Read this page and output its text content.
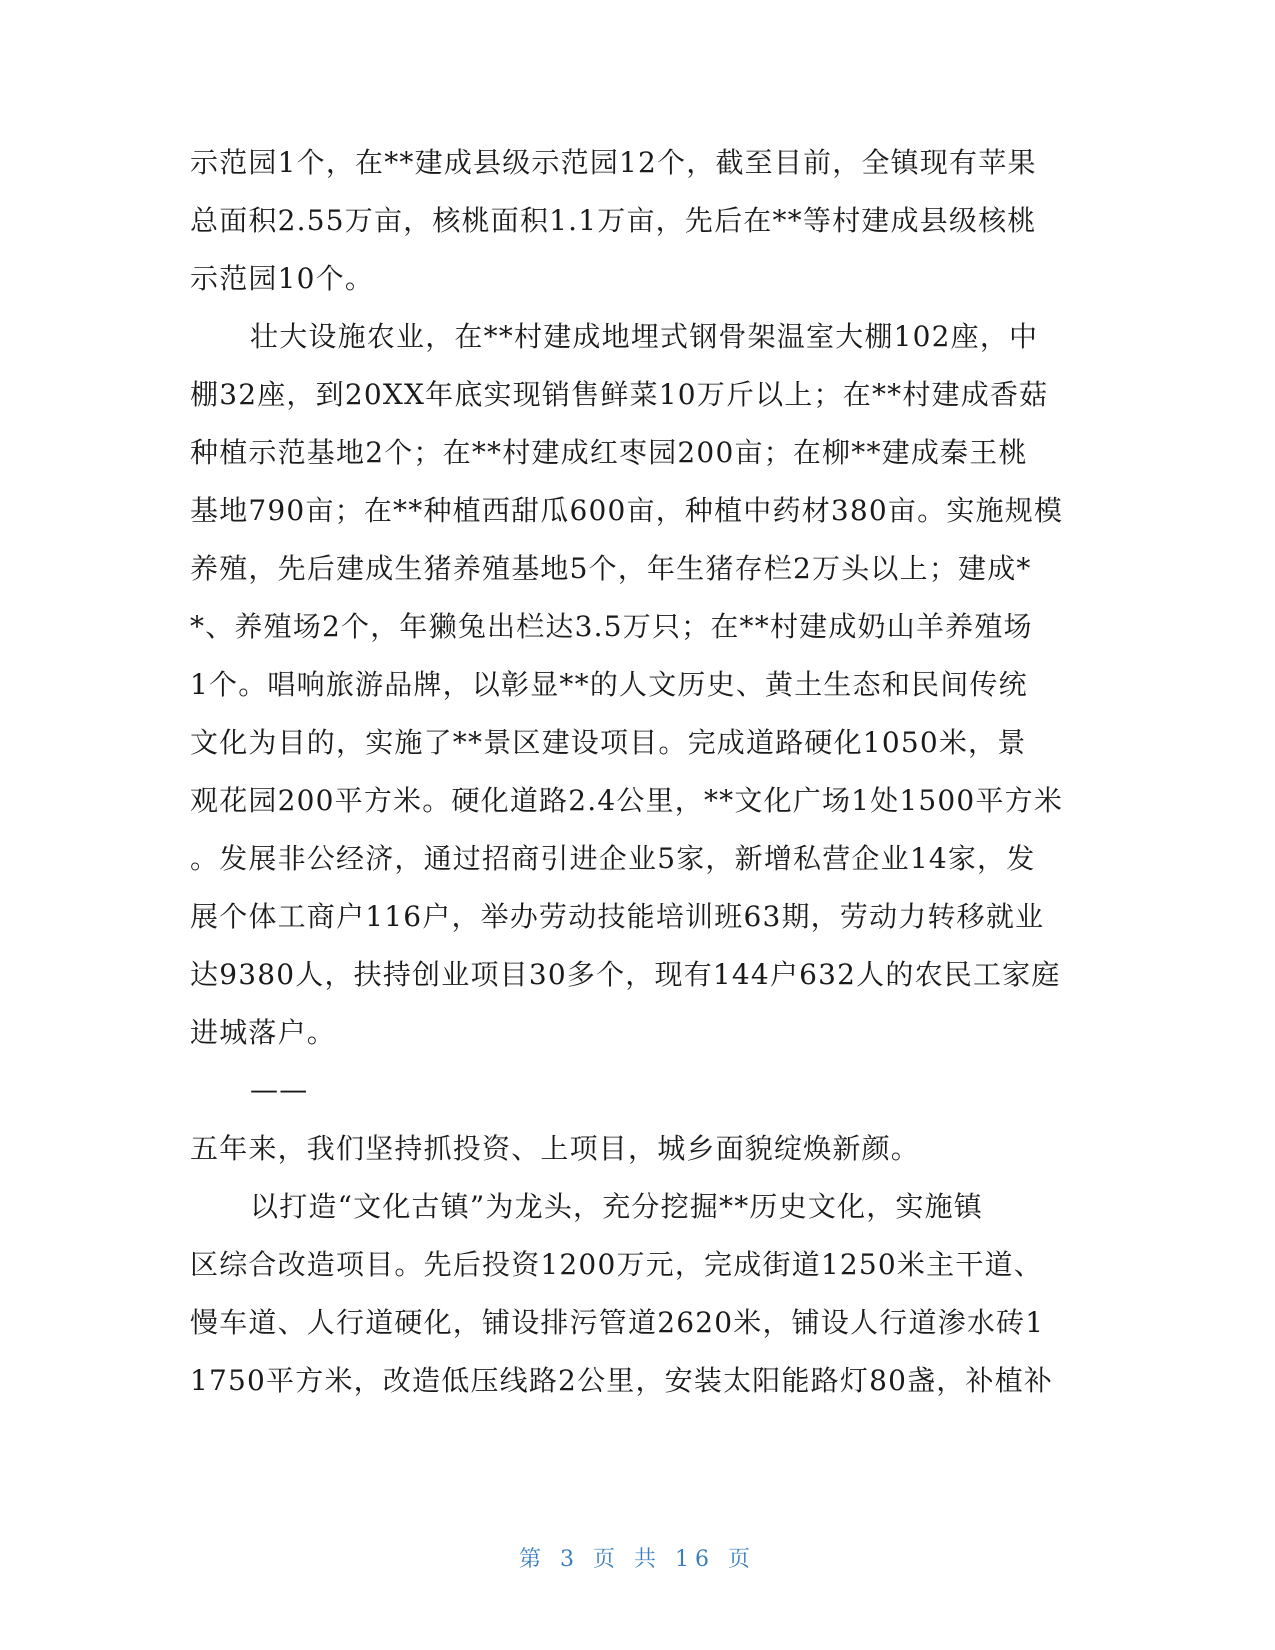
示范园1个，在**建成县级示范园12个，截至目前，全镇现有苹果
总面积2.55万亩，核桃面积1.1万亩，先后在**等村建成县级核桃
示范园10个。
壮大设施农业，在**村建成地埋式钢骨架温室大棚102座，中
棚32座，到20XX年底实现销售鲜菜10万斤以上；在**村建成香菇
种植示范基地2个；在**村建成红枣园200亩；在柳**建成秦王桃
基地790亩；在**种植西甜瓜600亩，种植中药材380亩。实施规模
养殖，先后建成生猪养殖基地5个，年生猪存栏2万头以上；建成*
*、养殖场2个，年獭兔出栏达3.5万只；在**村建成奶山羊养殖场
1个。唱响旅游品牌，以彰显**的人文历史、黄土生态和民间传统
文化为目的，实施了**景区建设项目。完成道路硬化1050米，景
观花园200平方米。硬化道路2.4公里，**文化广场1处1500平方米
。发展非公经济，通过招商引进企业5家，新增私营企业14家，发
展个体工商户116户，举办劳动技能培训班63期，劳动力转移就业
达9380人，扶持创业项目30多个，现有144户632人的农民工家庭
进城落户。
——
五年来，我们坚持抓投资、上项目，城乡面貌绽焕新颜。
以打造“文化古镇”为龙头，充分挖掘**历史文化，实施镇
区综合改造项目。先后投资1200万元，完成街道1250米主干道、
慢车道、人行道硬化，铺设排污管道2620米，铺设人行道渗水砖1
1750平方米，改造低压线路2公里，安装太阳能路灯80盏，补植补
第 3 页 共 16 页
